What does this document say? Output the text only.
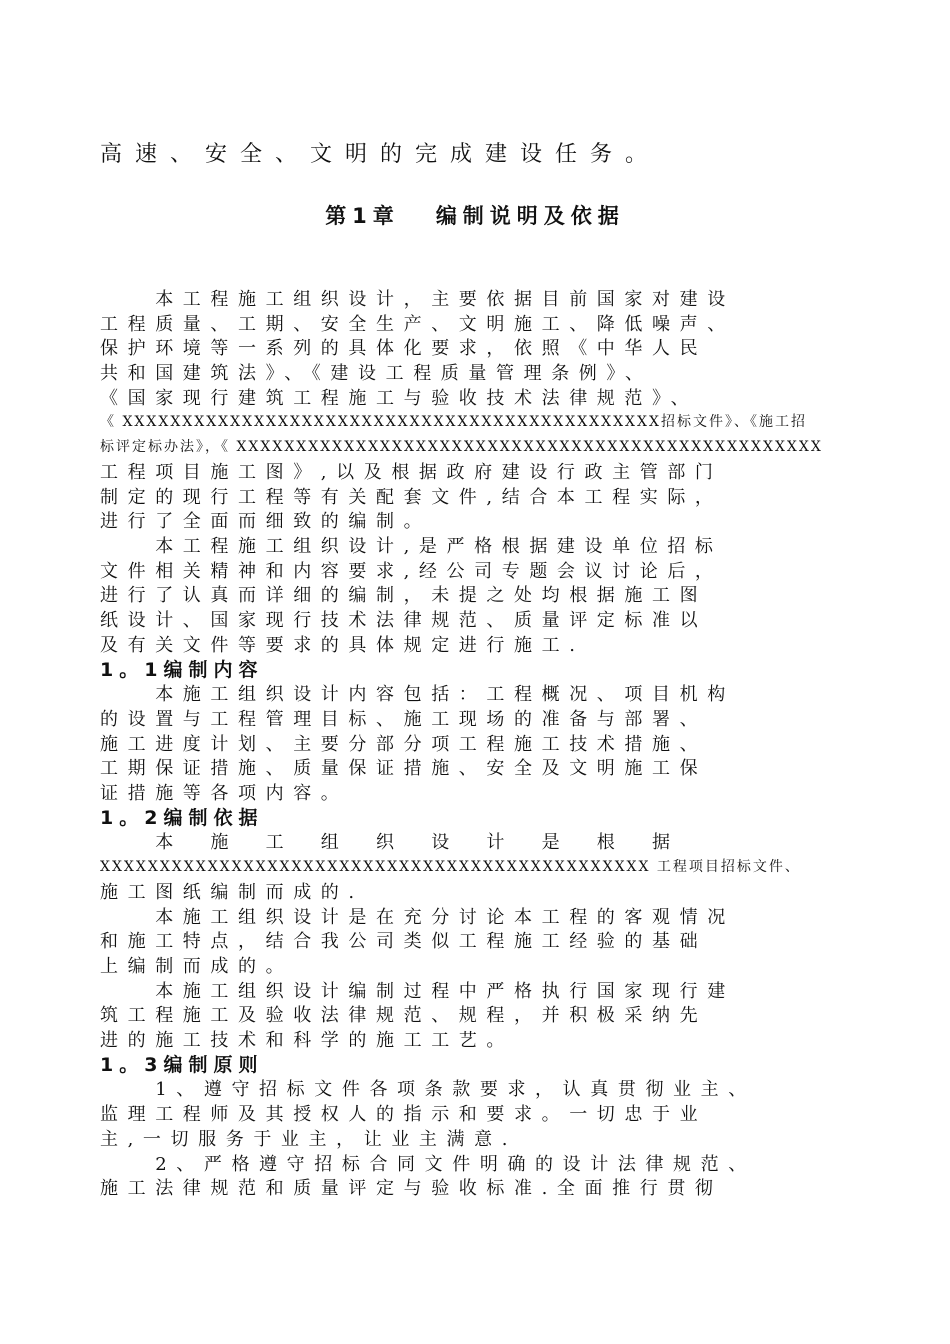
高速、安全、文明的完成建设任务。
第1章 编制说明及依据
　　本工程施工组织设计，主要依据目前国家对建设
工程质量、工期、安全生产、文明施工、降低噪声、
保护环境等一系列的具体化要求，依照《中华人民
共和国建筑法》、《建设工程质量管理条例》、
《国家现行建筑工程施工与验收技术法律规范》、
《 XXXXXXXXXXXXXXXXXXXXXXXXXXXXXXXXXXXXXXXXXXXXX招标文件》、《施工招
标评定标办法》，《 XXXXXXXXXXXXXXXXXXXXXXXXXXXXXXXXXXXXXXXXXXXXXXXXX
工程项目施工图》,以及根据政府建设行政主管部门
制定的现行工程等有关配套文件,结合本工程实际，
进行了全面而细致的编制。
　　本工程施工组织设计,是严格根据建设单位招标
文件相关精神和内容要求,经公司专题会议讨论后，
进行了认真而详细的编制，未提之处均根据施工图
纸设计、国家现行技术法律规范、质量评定标准以
及有关文件等要求的具体规定进行施工.
1。1编制内容
　　本施工组织设计内容包括：工程概况、项目机构
的设置与工程管理目标、施工现场的准备与部署、
施工进度计划、主要分部分项工程施工技术措施、
工期保证措施、质量保证措施、安全及文明施工保
证措施等各项内容。
1。2编制依据
　　本　施　工　组　织　设　计　是　根　据
XXXXXXXXXXXXXXXXXXXXXXXXXXXXXXXXXXXXXXXXXXXXXX 工程项目招标文件、
施工图纸编制而成的.
　　本施工组织设计是在充分讨论本工程的客观情况
和施工特点，结合我公司类似工程施工经验的基础
上编制而成的。
　　本施工组织设计编制过程中严格执行国家现行建
筑工程施工及验收法律规范、规程，并积极采纳先
进的施工技术和科学的施工工艺。
1。3编制原则
　　1、遵守招标文件各项条款要求，认真贯彻业主、
监理工程师及其授权人的指示和要求。一切忠于业
主,一切服务于业主，让业主满意.
　　2、严格遵守招标合同文件明确的设计法律规范、
施工法律规范和质量评定与验收标准.全面推行贯彻
